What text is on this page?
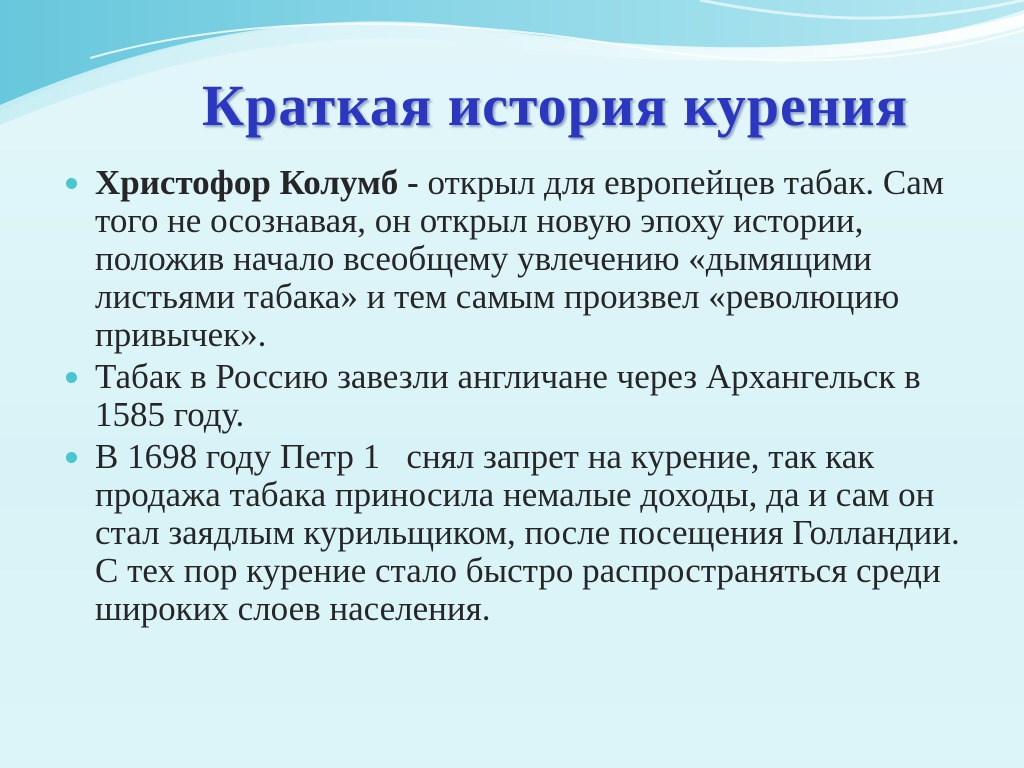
Краткая история курения
Христофор Колумб - открыл для европейцев табак. Сам того не осознавая, он открыл новую эпоху истории, положив начало всеобщему увлечению «дымящими листьями табака» и тем самым произвел «революцию привычек».
Табак в Россию завезли англичане через Архангельск в 1585 году.
В 1698 году Петр 1   снял запрет на курение, так как продажа табака приносила немалые доходы, да и сам он стал заядлым курильщиком, после посещения Голландии. С тех пор курение стало быстро распространяться среди широких слоев населения.
